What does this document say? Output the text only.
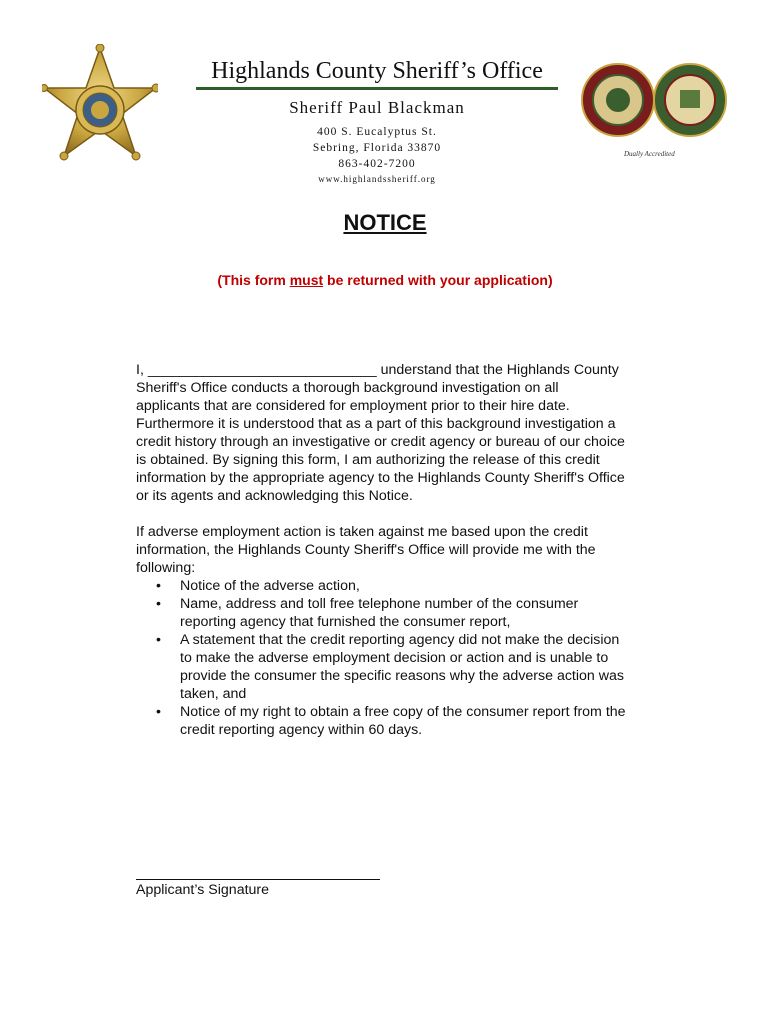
Dually Accredited
Highlands County Sheriff’s Office
Sheriff Paul Blackman
400 S. Eucalyptus St.
Sebring, Florida 33870
863-402-7200
www.highlandssheriff.org
NOTICE
(This form must be returned with your application)

I, _____________________________ understand that the Highlands County Sheriff's Office conducts a thorough background investigation on all applicants that are considered for employment prior to their hire date. Furthermore it is understood that as a part of this background investigation a credit history through an investigative or credit agency or bureau of our choice is obtained. By signing this form, I am authorizing the release of this credit information by the appropriate agency to the Highlands County Sheriff's Office or its agents and acknowledging this Notice.

If adverse employment action is taken against me based upon the credit information, the Highlands County Sheriff's Office will provide me with the following:

• Notice of the adverse action,
• Name, address and toll free telephone number of the consumer reporting agency that furnished the consumer report,
• A statement that the credit reporting agency did not make the decision to make the adverse employment decision or action and is unable to provide the consumer the specific reasons why the adverse action was taken, and
• Notice of my right to obtain a free copy of the consumer report from the credit reporting agency within 60 days.
Applicant’s Signature
